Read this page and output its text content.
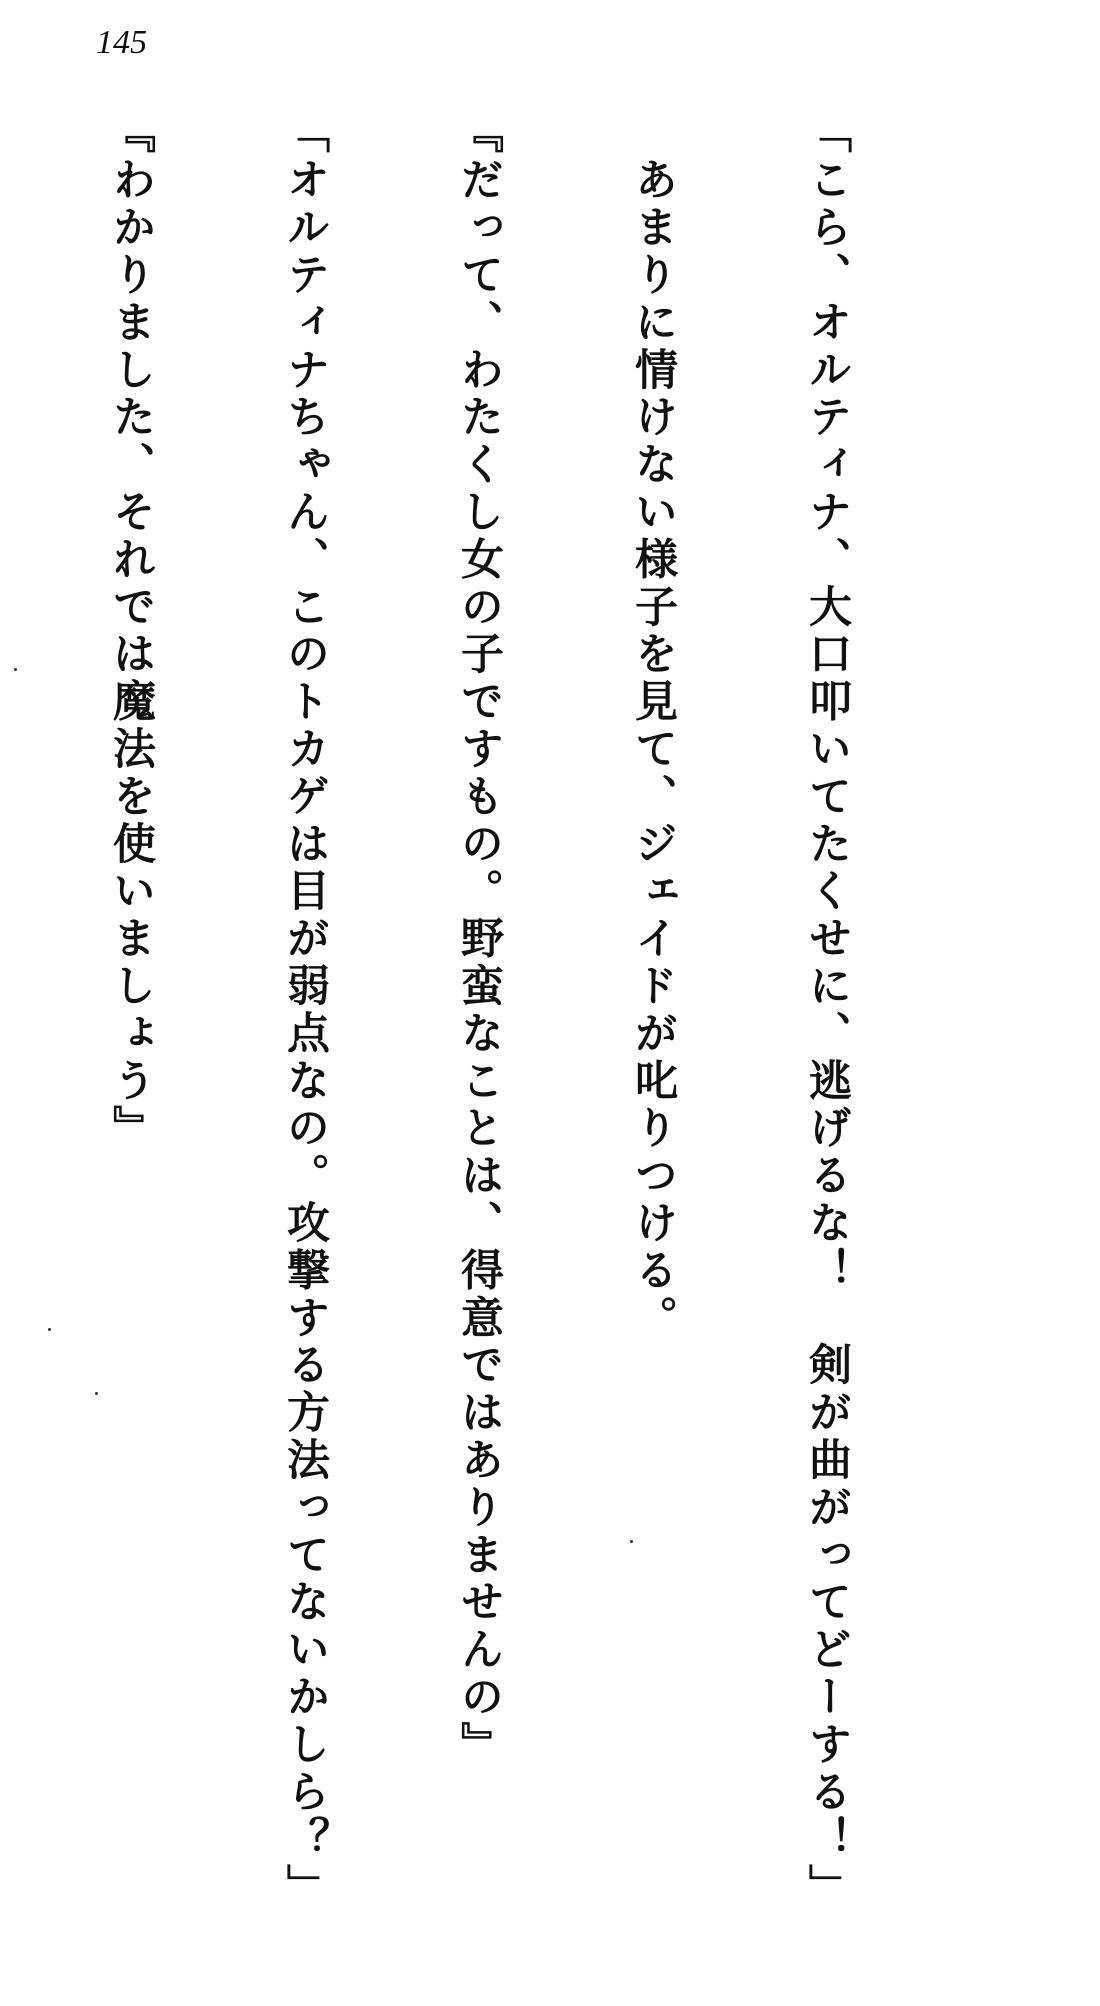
145

「こら、オルティナ、大口叩いてたくせに、逃げるな！　剣が曲がってどーする！」

　あまりに情けない様子を見て、ジェイドが叱りつける。

『だって、わたくし女の子ですもの。野蛮なことは、得意ではありませんの』

「オルティナちゃん、このトカゲは目が弱点なの。攻撃する方法ってないかしら？」

『わかりました、それでは魔法を使いましょう』
